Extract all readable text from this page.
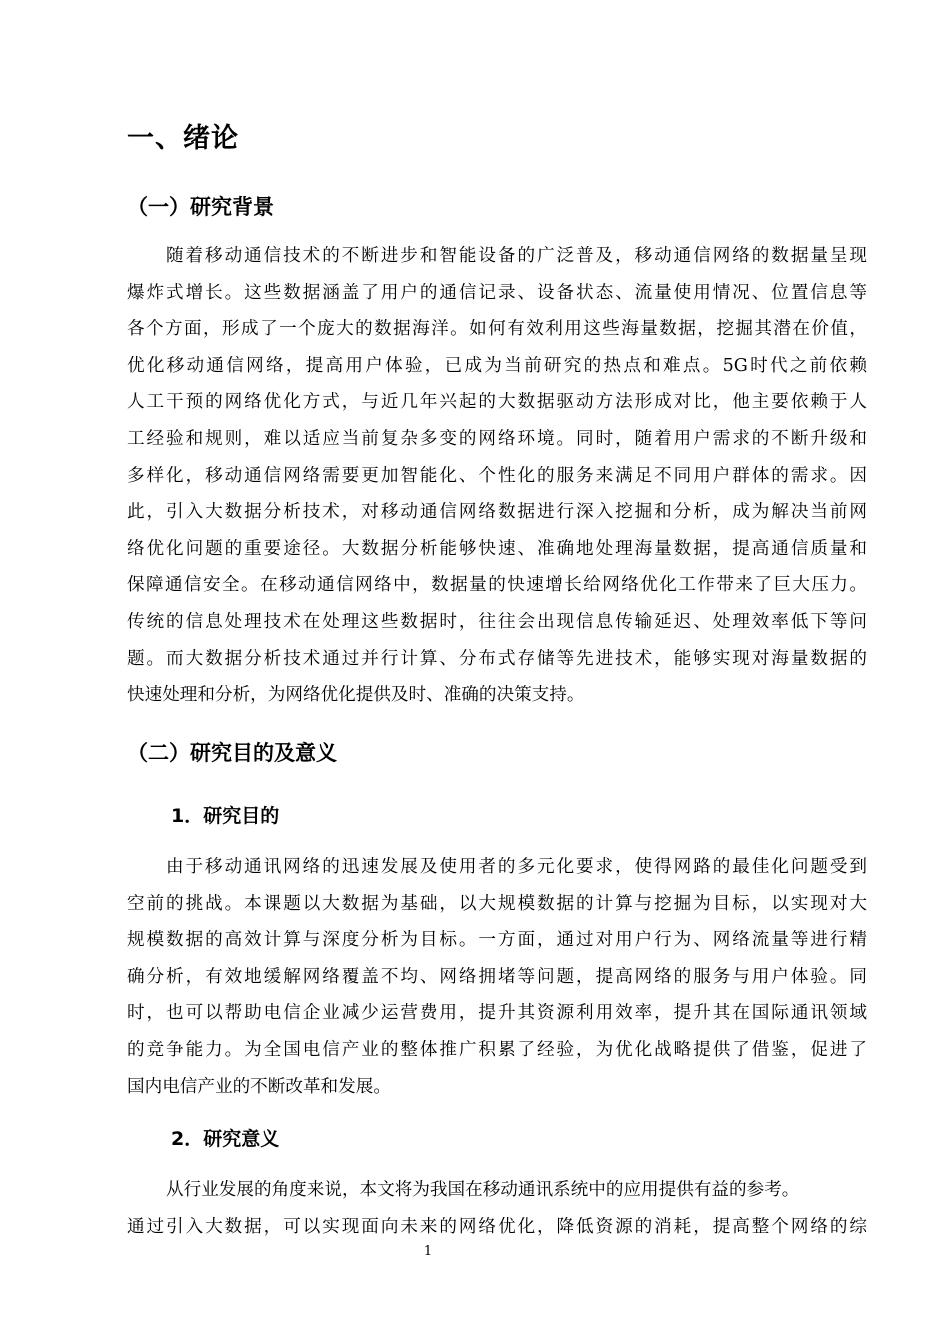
一、绪论
（一）研究背景
随着移动通信技术的不断进步和智能设备的广泛普及，移动通信网络的数据量呈现
爆炸式增长。这些数据涵盖了用户的通信记录、设备状态、流量使用情况、位置信息等
各个方面，形成了一个庞大的数据海洋。如何有效利用这些海量数据，挖掘其潜在价值，
优化移动通信网络，提高用户体验，已成为当前研究的热点和难点。5G时代之前依赖
人工干预的网络优化方式，与近几年兴起的大数据驱动方法形成对比，他主要依赖于人
工经验和规则，难以适应当前复杂多变的网络环境。同时，随着用户需求的不断升级和
多样化，移动通信网络需要更加智能化、个性化的服务来满足不同用户群体的需求。因
此，引入大数据分析技术，对移动通信网络数据进行深入挖掘和分析，成为解决当前网
络优化问题的重要途径。大数据分析能够快速、准确地处理海量数据，提高通信质量和
保障通信安全。在移动通信网络中，数据量的快速增长给网络优化工作带来了巨大压力。
传统的信息处理技术在处理这些数据时，往往会出现信息传输延迟、处理效率低下等问
题。而大数据分析技术通过并行计算、分布式存储等先进技术，能够实现对海量数据的
快速处理和分析，为网络优化提供及时、准确的决策支持。
（二）研究目的及意义
1．研究目的
由于移动通讯网络的迅速发展及使用者的多元化要求，使得网路的最佳化问题受到
空前的挑战。本课题以大数据为基础，以大规模数据的计算与挖掘为目标，以实现对大
规模数据的高效计算与深度分析为目标。一方面，通过对用户行为、网络流量等进行精
确分析，有效地缓解网络覆盖不均、网络拥堵等问题，提高网络的服务与用户体验。同
时，也可以帮助电信企业减少运营费用，提升其资源利用效率，提升其在国际通讯领域
的竞争能力。为全国电信产业的整体推广积累了经验，为优化战略提供了借鉴，促进了
国内电信产业的不断改革和发展。
2．研究意义
从行业发展的角度来说，本文将为我国在移动通讯系统中的应用提供有益的参考。
通过引入大数据，可以实现面向未来的网络优化，降低资源的消耗，提高整个网络的综
1
